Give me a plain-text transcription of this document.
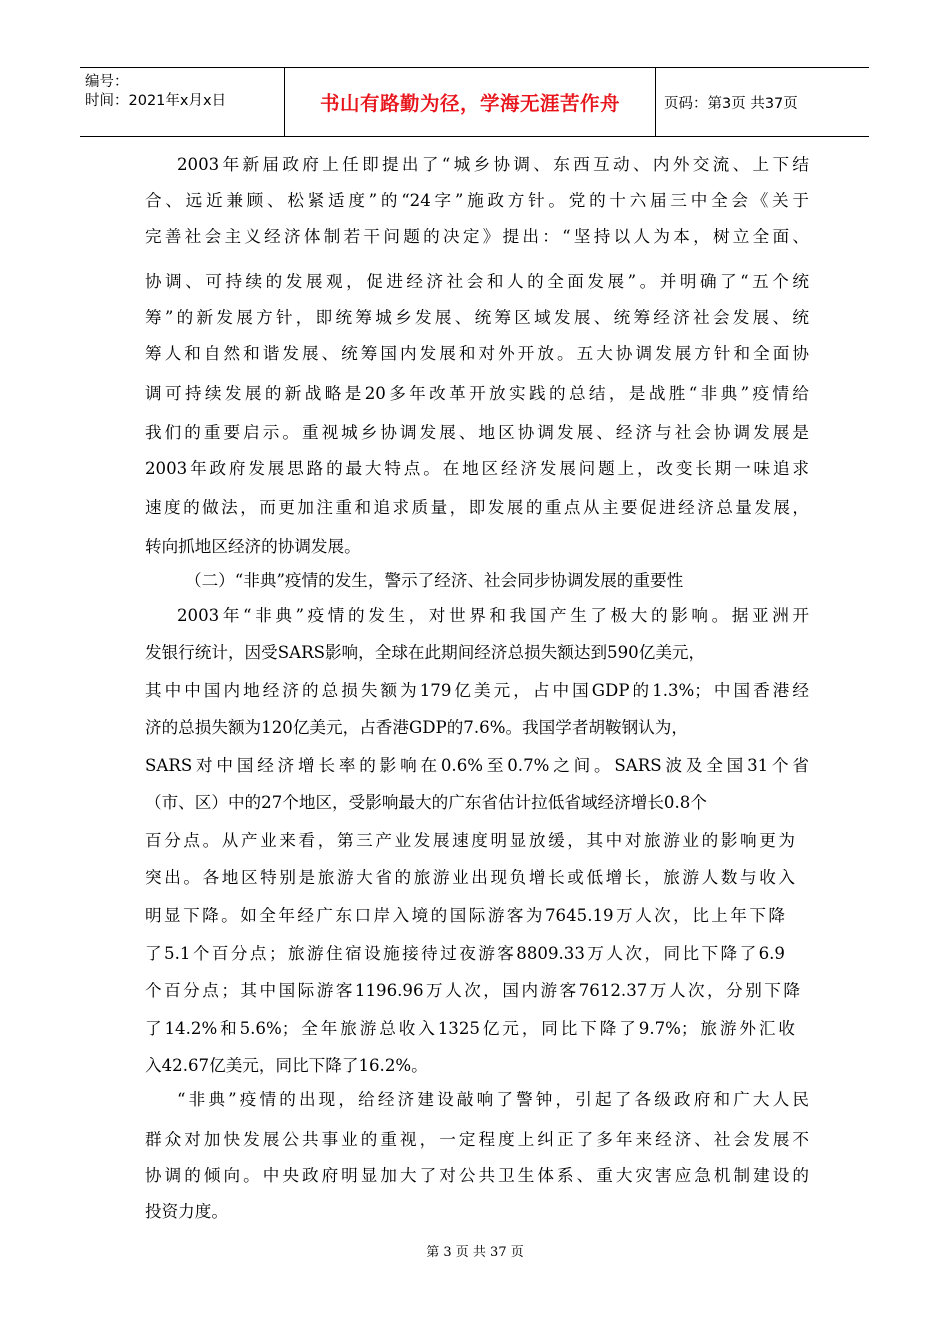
编号：
时间：2021年x月x日	书山有路勤为径，学海无涯苦作舟	页码：第3页 共37页
2003年新届政府上任即提出了“城乡协调、东西互动、内外交流、上下结
合、远近兼顾、松紧适度”的“24字”施政方针。党的十六届三中全会《关于
完善社会主义经济体制若干问题的决定》提出：“坚持以人为本，树立全面、
协调、可持续的发展观，促进经济社会和人的全面发展”。并明确了“五个统
筹”的新发展方针，即统筹城乡发展、统筹区域发展、统筹经济社会发展、统
筹人和自然和谐发展、统筹国内发展和对外开放。五大协调发展方针和全面协
调可持续发展的新战略是20多年改革开放实践的总结，是战胜“非典”疫情给
我们的重要启示。重视城乡协调发展、地区协调发展、经济与社会协调发展是
2003年政府发展思路的最大特点。在地区经济发展问题上，改变长期一味追求
速度的做法，而更加注重和追求质量，即发展的重点从主要促进经济总量发展，
转向抓地区经济的协调发展。
（二）“非典”疫情的发生，警示了经济、社会同步协调发展的重要性
2003年“非典”疫情的发生，对世界和我国产生了极大的影响。据亚洲开
发银行统计，因受SARS影响，全球在此期间经济总损失额达到590亿美元，
其中中国内地经济的总损失额为179亿美元，占中国GDP的1.3%；中国香港经
济的总损失额为120亿美元，占香港GDP的7.6%。我国学者胡鞍钢认为，
SARS对中国经济增长率的影响在0.6%至0.7%之间。SARS波及全国31个省
（市、区）中的27个地区，受影响最大的广东省估计拉低省域经济增长0.8个
百分点。从产业来看，第三产业发展速度明显放缓，其中对旅游业的影响更为
突出。各地区特别是旅游大省的旅游业出现负增长或低增长，旅游人数与收入
明显下降。如全年经广东口岸入境的国际游客为7645.19万人次，比上年下降
了5.1个百分点；旅游住宿设施接待过夜游客8809.33万人次，同比下降了6.9
个百分点；其中国际游客1196.96万人次，国内游客7612.37万人次，分别下降
了14.2%和5.6%；全年旅游总收入1325亿元，同比下降了9.7%；旅游外汇收
入42.67亿美元，同比下降了16.2%。
“非典”疫情的出现，给经济建设敲响了警钟，引起了各级政府和广大人民
群众对加快发展公共事业的重视，一定程度上纠正了多年来经济、社会发展不
协调的倾向。中央政府明显加大了对公共卫生体系、重大灾害应急机制建设的
投资力度。
第 3 页 共 37 页
